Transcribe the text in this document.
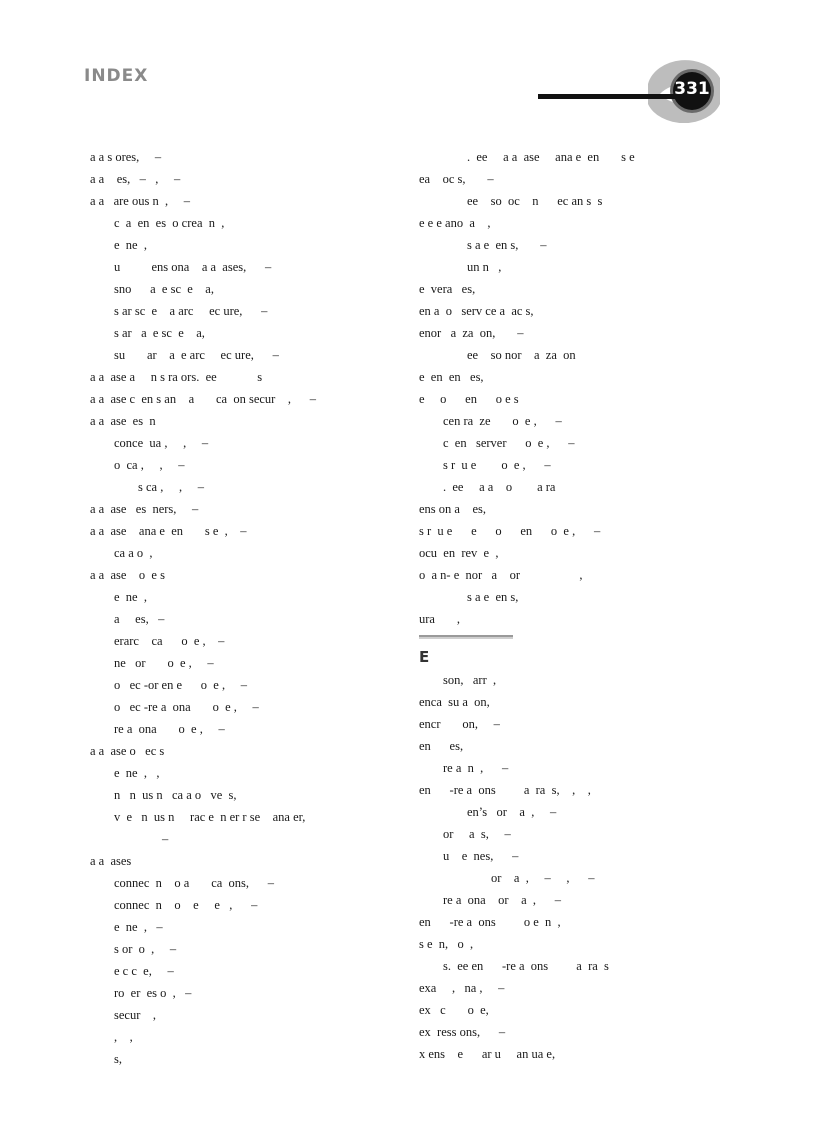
INDEX
331
a a s ores,     –
a a    es,   –   ,     –
a a   are ous n  ,     –
c  a  en  es  o crea  n  ,
e  ne  ,
u          ens ona    a a  ases,      –
sno      a  e sc  e    a,
s ar sc  e    a arc     ec ure,      –
s ar   a  e sc  e    a,
su       ar    a  e arc     ec ure,      –
a a  ase a     n s ra ors.  ee             s
a a  ase c  en s an    a       ca  on secur    ,      –
a a  ase  es  n
conce  ua ,     ,     –
o  ca ,     ,     –
s ca ,     ,     –
a a  ase   es  ners,     –
a a  ase    ana e  en       s e  ,    –
ca a o  ,
a a  ase    o  e s
e  ne  ,
a     es,   –
erarc    ca      o  e ,    –
ne   or       o  e ,     –
o   ec -or en e      o  e ,     –
o   ec -re a  ona       o  e ,     –
re a  ona       o  e ,     –
a a  ase o   ec s
e  ne  ,   ,
n   n  us n   ca a o   ve  s,
v  e   n  us n     rac e  n er r se    ana er,
–
a a  ases
connec  n    o a       ca  ons,      –
connec  n    o    e     e   ,      –
e  ne  ,   –
s or  o  ,     –
e c c  e,     –
ro  er  es o  ,   –
secur    ,
,    ,
s,
.  ee     a a  ase     ana e  en       s e
ea    oc s,       –
ee    so  oc    n      ec an s  s
e e e ano  a    ,
s a e  en s,       –
un n   ,
e  vera   es,
en a  o   serv ce a  ac s,
enor   a  za  on,       –
ee    so nor    a  za  on
e  en  en   es,
e     o      en      o e s
cen ra  ze       o  e ,      –
c  en   server      o  e ,      –
s r  u e        o  e ,      –
.  ee     a a    o        a ra
ens on a    es,
s r  u e      e      o      en      o  e ,      –
ocu  en  rev  e  ,
o  a n- e  nor   a    or                   ,
s a e  en s,
ura       ,
E
son,   arr  ,
enca  su a  on,
encr       on,     –
en      es,
re a  n  ,      –
en      -re a  ons         a  ra  s,    ,    ,
en’s   or    a  ,     –
or     a  s,     –
u    e  nes,      –
or    a  ,     –     ,      –
re a  ona    or    a  ,      –
en      -re a  ons         o e  n  ,
s e  n,   o  ,
s.  ee en      -re a  ons         a  ra  s
exa     ,   na ,     –
ex   c       o  e,
ex  ress ons,      –
x ens    e      ar u     an ua e,
